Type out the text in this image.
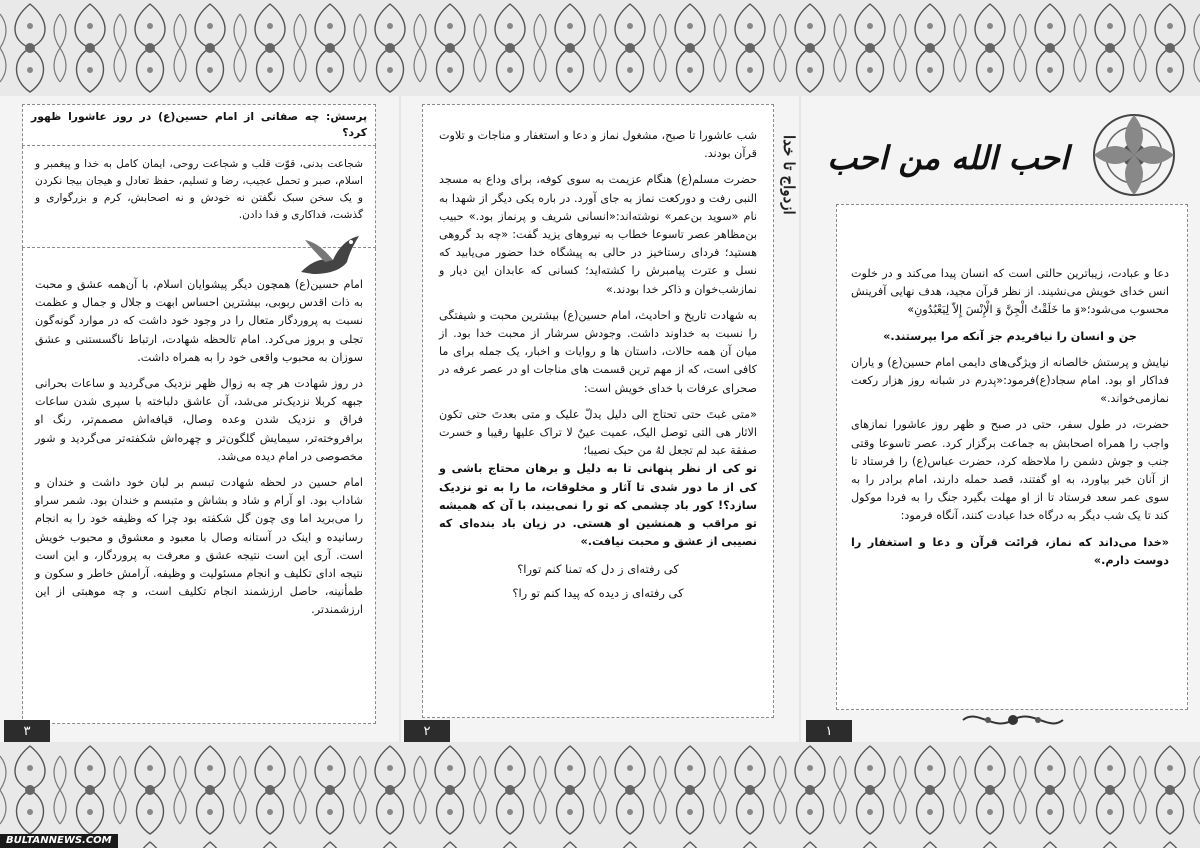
احب الله من احب

دعا و عبادت، زیباترین حالتی است که انسان پیدا می‌کند و در خلوت انس خدای خویش می‌نشیند. از نظر قرآن مجید، هدف نهایی آفرینش محسوب می‌شود؛«وَ ما خَلَقْتُ الْجِنَّ وَ الْإِنْسَ إِلاّ لِيَعْبُدُونِ»

جن و انسان را نیافریدم جز آنکه مرا بپرستند.»

نیایش و پرستش خالصانه از ویژگی‌های دایمی امام حسین(ع) و یاران فداکار او بود. امام سجاد(ع)فرمود:«پدرم در شبانه روز هزار رکعت نمازمی‌خواند.»

حضرت، در طول سفر، حتی در صبح و ظهر روز عاشورا نمازهای واجب را همراه اصحابش به جماعت برگزار کرد. عصر تاسوعا وقتی جنب و جوش دشمن را ملاحظه کرد، حضرت عباس(ع) را فرستاد تا از آنان خبر بیاورد، به او گفتند، قصد حمله دارند، امام برادر را به سوی عمر سعد فرستاد تا از او مهلت بگیرد جنگ را به فردا موکول کند تا یک شب دیگر به درگاه خدا عبادت کنند، آنگاه فرمود:

«خدا می‌داند که نماز، قرائت قرآن و دعا و استغفار را دوست دارم.»

۱
ازدواج تا خدا

شب عاشورا تا صبح، مشغول نماز و دعا و استغفار و مناجات و تلاوت قرآن بودند.

حضرت مسلم(ع) هنگام عزیمت به سوی کوفه، برای وداع به مسجد النبی رفت و دورکعت نماز به جای آورد. در باره یکی دیگر از شهدا به نام «سوید بن‌عمر» نوشته‌اند:«انسانی شریف و پرنماز بود.» حبیب بن‌مظاهر عصر تاسوعا خطاب به نیروهای یزید گفت: «چه بد گروهی هستید؛ فردای رستاخیز در حالی به پیشگاه خدا حضور می‌یابید که نسل و عترت پیامبرش را کشته‌اید؛ کسانی که عابدان این دیار و نمازشب‌خوان و ذاکر خدا بودند.»

به شهادت تاریخ و احادیث، امام حسین(ع) بیشترین محبت و شیفتگی را نسبت به خداوند داشت. وجودش سرشار از محبت خدا بود. از میان آن همه حالات، داستان ها و روایات و اخبار، یک جمله برای ما کافی است، که از مهم ترین قسمت های مناجات او در عصر عرفه در صحرای عرفات با خدای خویش است:

«متی غبتَ حتی تحتاج الی دلیل یدلّ علیک و متی بعدتَ حتی تکون الاثار هی التی توصل الیک، عمیت عینٌ لا تراک علیها رقیبا و خسرت صفقة عبد لم تجعل لهُ من حبک نصیبا؛

تو کی از نظر پنهانی تا به دلیل و برهان محتاج باشی و کی از ما دور شدی تا آثار و مخلوقات، ما را به تو نزدیک سازد؟! کور باد چشمی که تو را نمی‌بیند، با آن که همیشه تو مراقب و همنشین او هستی. در زیان باد بنده‌ای که نصیبی از عشق و محبت نیافت.»

کی رفته‌ای ز دل که تمنا کنم تورا؟
کی رفته‌ای ز دیده که پیدا کنم تو را؟
۲
پرسش: چه صفاتی از امام حسین(ع) در روز عاشورا ظهور کرد؟
شجاعت بدنی، قوّت قلب و شجاعت روحی، ایمان کامل به خدا و پیغمبر و اسلام، صبر و تحمل عجیب، رضا و تسلیم، حفظ تعادل و هیجان بیجا نکردن و یک سخن سبک نگفتن نه خودش و نه اصحابش، کرم و بزرگواری و گذشت، فداکاری و فدا دادن.

امام حسین(ع) همچون دیگر پیشوایان اسلام، با آن‌همه عشق و محبت به ذات اقدس ربوبی، بیشترین احساس ابهت و جلال و جمال و عظمت نسبت به پروردگار متعال را در وجود خود داشت که در موارد گونه‌گون تجلی و بروز می‌کرد. امام تالحظه شهادت، ارتباط ناگسستنی و عشق سوزان به محبوب واقعی خود را به همراه داشت.

در روز شهادت هر چه به زوال ظهر نزدیک می‌گردید و ساعات بحرانی جبهه کربلا نزدیک‌تر می‌شد، آن عاشق دلباخته با سپری شدن ساعات فراق و نزدیک شدن وعده وصال، قیافه‌اش مصمم‌تر، رنگ او برافروخته‌تر، سیمایش گلگون‌تر و چهره‌اش شکفته‌تر می‌گردید و شور مخصوصی در امام دیده می‌شد.

امام حسین در لحظه شهادت تبسم بر لبان خود داشت و خندان و شاداب بود. او آرام و شاد و بشاش و متبسم و خندان بود. شمر سراو را می‌برید اما وی چون گل شکفته بود چرا که وظیفه خود را به انجام رسانیده و اینک در آستانه وصال با معبود و معشوق و محبوب خویش است. آری این است نتیجه عشق و معرفت به پروردگار، و این است نتیجه ادای تکلیف و انجام مسئولیت و وظیفه. آرامش خاطر و سکون و طمأنینه، حاصل ارزشمند انجام تکلیف است، و چه موهبتی از این ارزشمندتر.

۳
BULTANNEWS.COM
